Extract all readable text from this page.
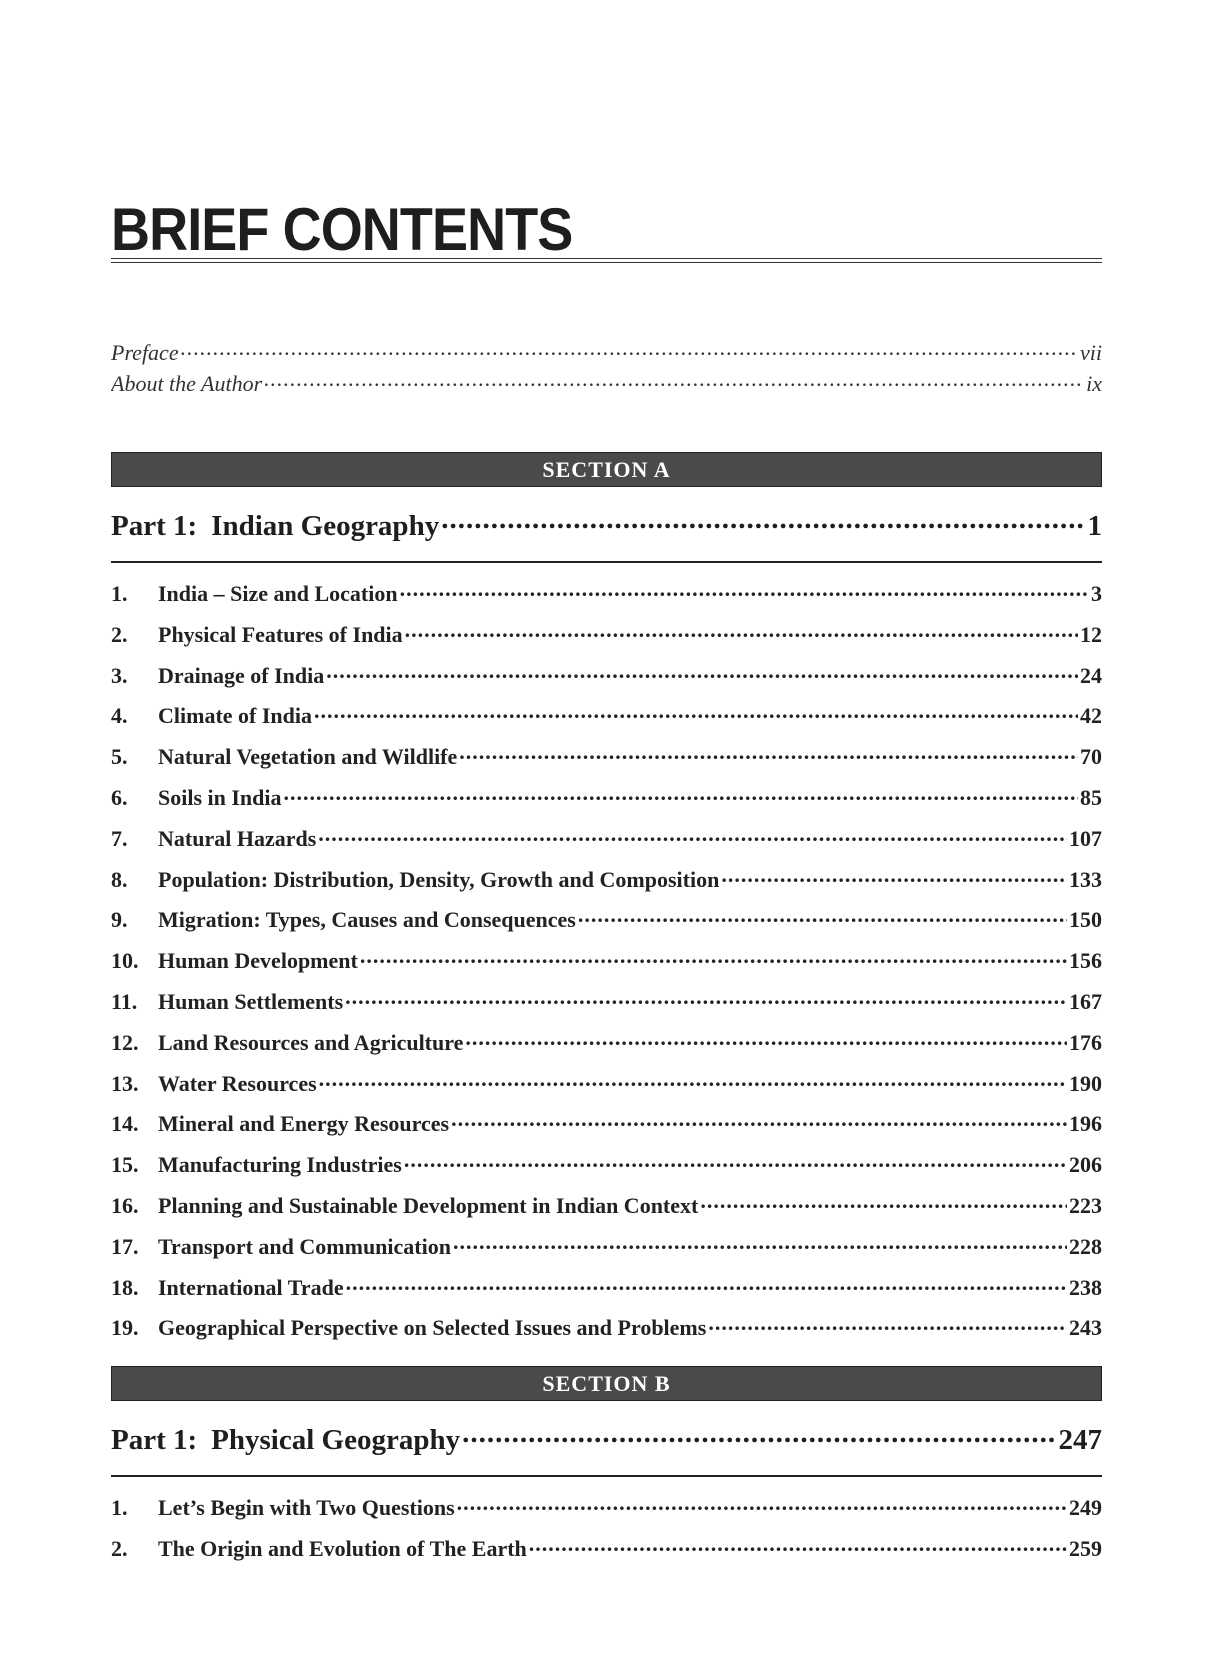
BRIEF CONTENTS
Preface .....	vii
About the Author .....	ix
SECTION A
Part 1: Indian Geography .....	1
1.	India – Size and Location .....	3
2.	Physical Features of India .....	12
3.	Drainage of India .....	24
4.	Climate of India .....	42
5.	Natural Vegetation and Wildlife .....	70
6.	Soils in India .....	85
7.	Natural Hazards .....	107
8.	Population: Distribution, Density, Growth and Composition .....	133
9.	Migration: Types, Causes and Consequences .....	150
10. Human Development .....	156
11. Human Settlements .....	167
12. Land Resources and Agriculture .....	176
13. Water Resources .....	190
14. Mineral and Energy Resources .....	196
15. Manufacturing Industries .....	206
16. Planning and Sustainable Development in Indian Context .....	223
17. Transport and Communication .....	228
18. International Trade .....	238
19. Geographical Perspective on Selected Issues and Problems .....	243
SECTION B
Part 1: Physical Geography .....	247
1.	Let’s Begin with Two Questions .....	249
2.	The Origin and Evolution of The Earth .....	259
